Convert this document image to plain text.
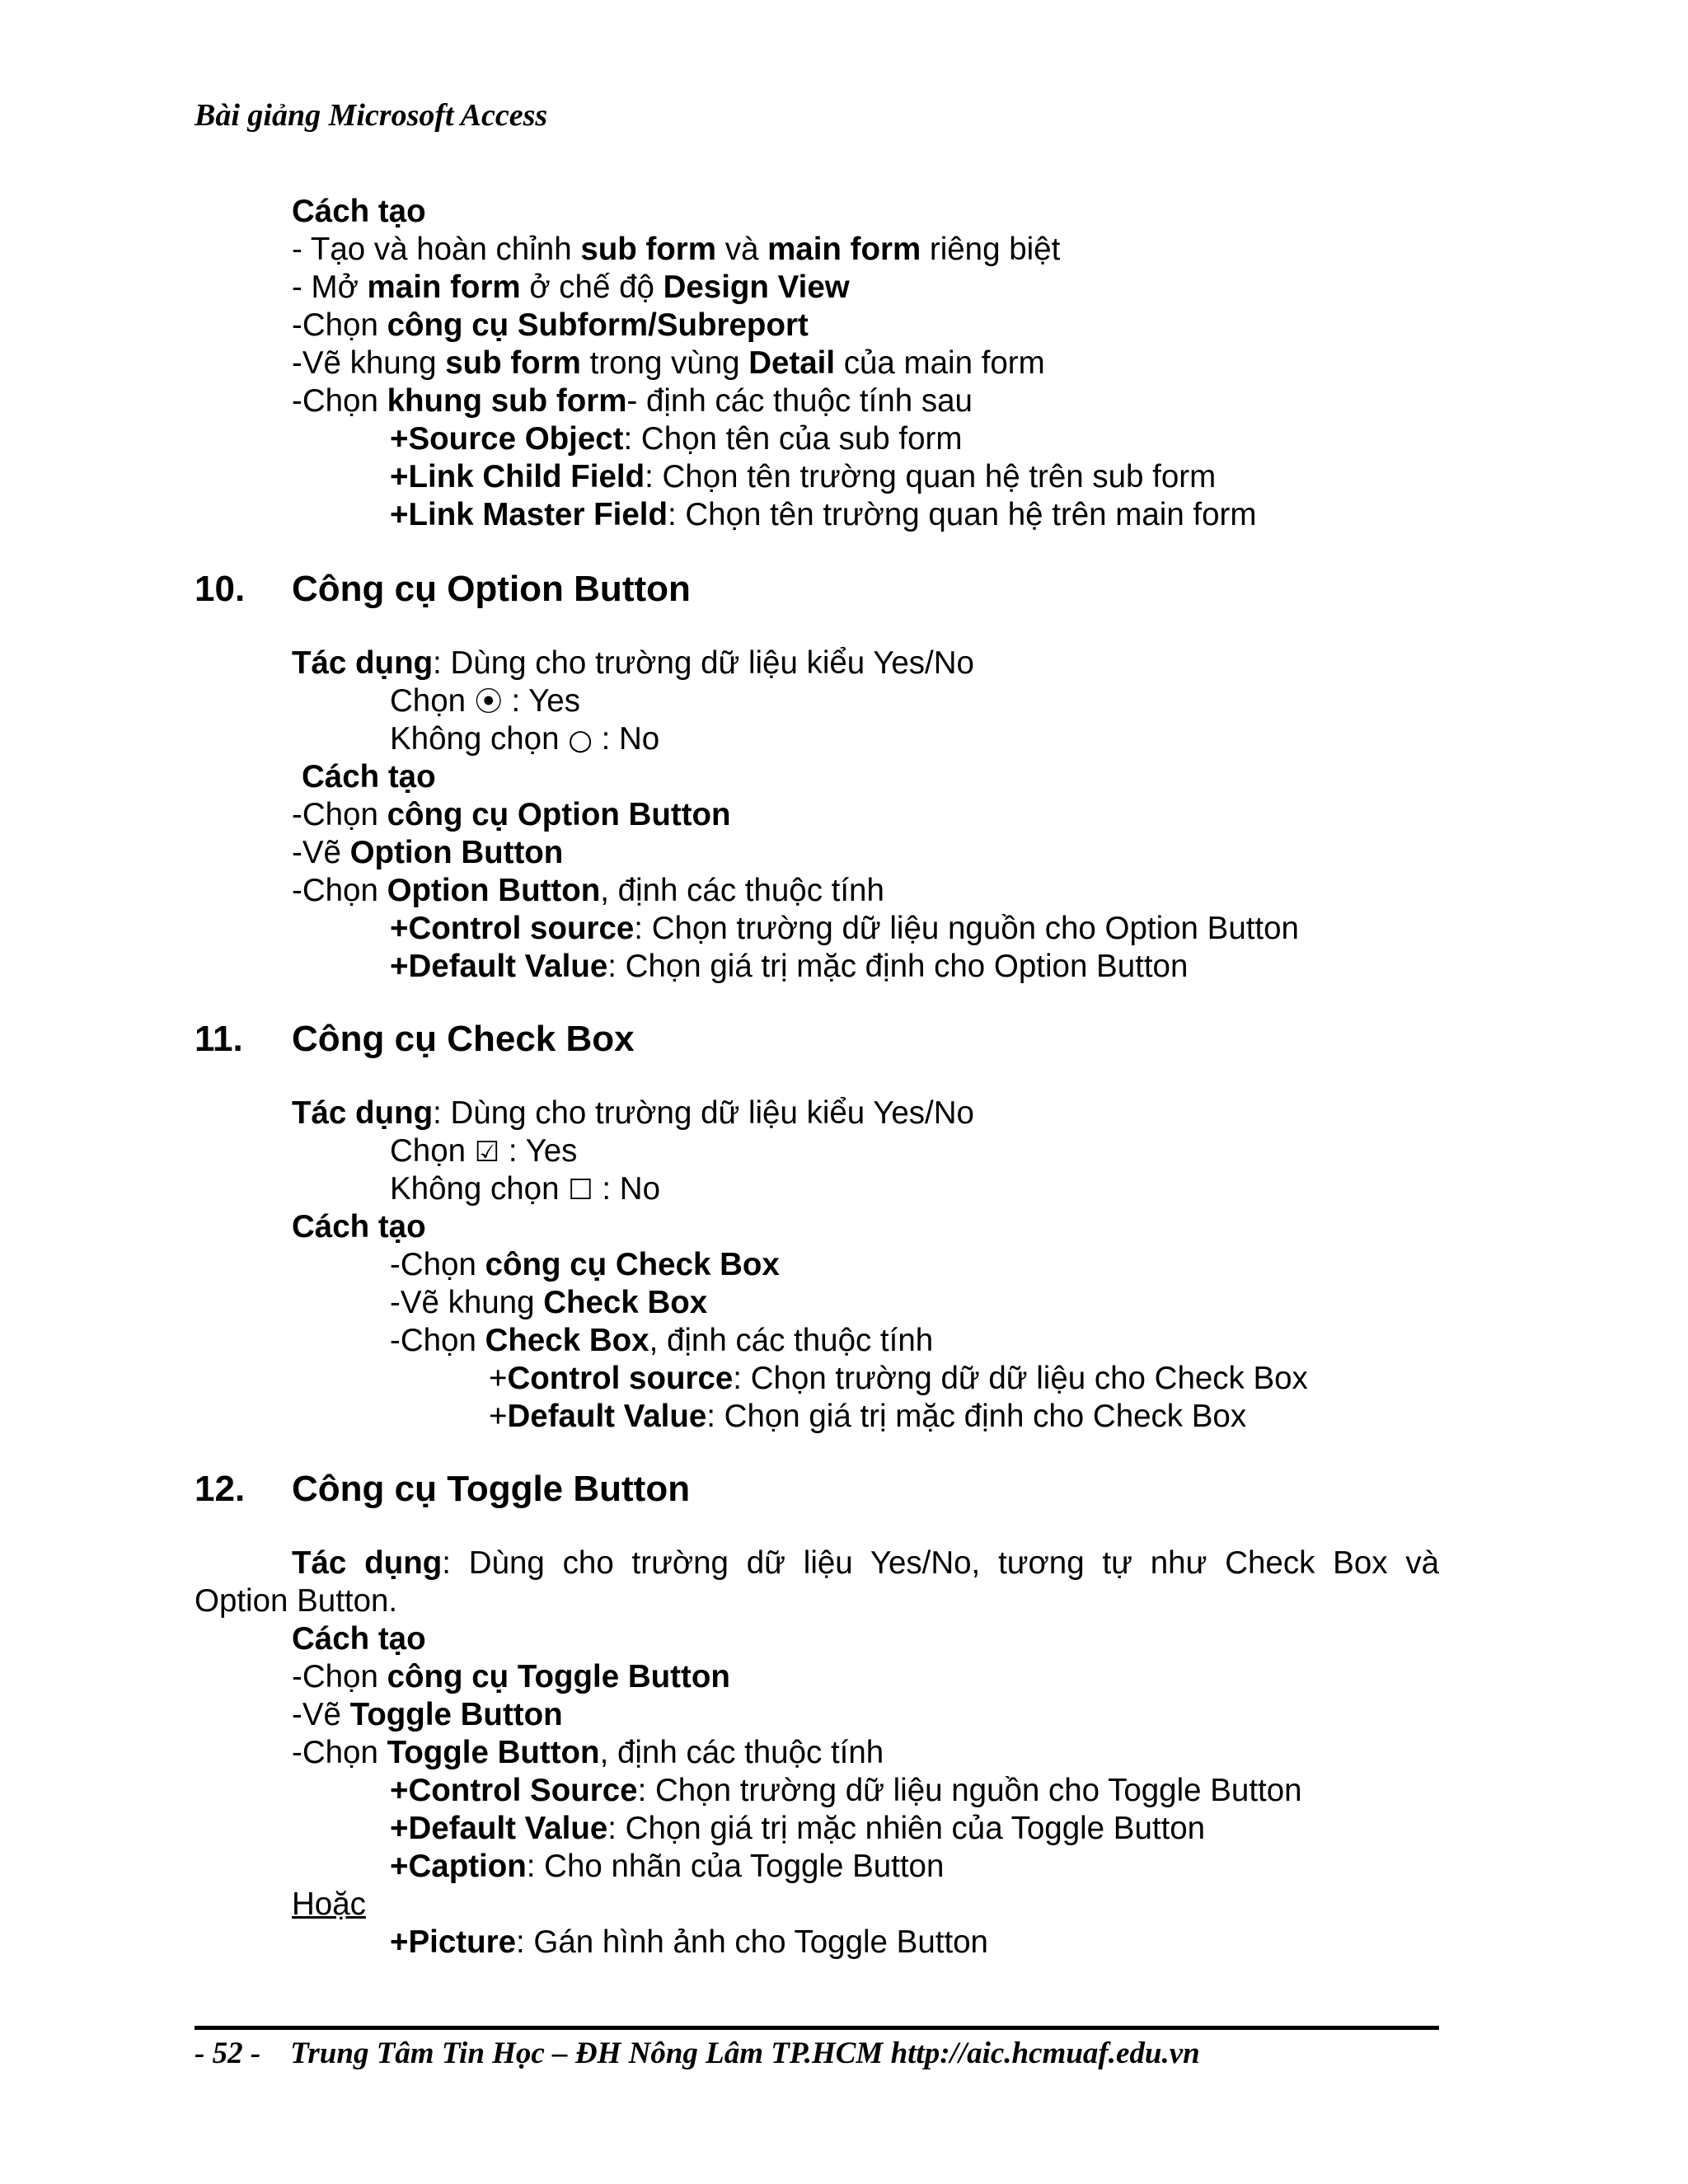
Bài giảng Microsoft Access
Cách tạo
- Tạo và hoàn chỉnh sub form và main form riêng biệt
- Mở main form ở chế độ Design View
-Chọn công cụ Subform/Subreport
-Vẽ khung sub form trong vùng Detail của main form
-Chọn khung sub form- định các thuộc tính sau
+Source Object: Chọn tên của sub form
+Link Child Field: Chọn tên trường quan hệ trên sub form
+Link Master Field: Chọn tên trường quan hệ trên main form
10. Công cụ Option Button
Tác dụng: Dùng cho trường dữ liệu kiểu Yes/No
Chọn ⦿ : Yes
Không chọn ○ : No
Cách tạo
-Chọn công cụ Option Button
-Vẽ Option Button
-Chọn Option Button, định các thuộc tính
+Control source: Chọn trường dữ liệu nguồn cho Option Button
+Default Value: Chọn giá trị mặc định cho Option Button
11. Công cụ Check Box
Tác dụng: Dùng cho trường dữ liệu kiểu Yes/No
Chọn ☑ : Yes
Không chọn ☐ : No
Cách tạo
-Chọn công cụ Check Box
-Vẽ khung Check Box
-Chọn Check Box, định các thuộc tính
+Control source: Chọn trường dữ dữ liệu cho Check Box
+Default Value: Chọn giá trị mặc định cho Check Box
12. Công cụ Toggle Button
Tác dụng: Dùng cho trường dữ liệu Yes/No, tương tự như Check Box và
Option Button.
Cách tạo
-Chọn công cụ Toggle Button
-Vẽ Toggle Button
-Chọn Toggle Button, định các thuộc tính
+Control Source: Chọn trường dữ liệu nguồn cho Toggle Button
+Default Value: Chọn giá trị mặc nhiên của Toggle Button
+Caption: Cho nhãn của Toggle Button
Hoặc
+Picture: Gán hình ảnh cho Toggle Button
- 52 - Trung Tâm Tin Học – ĐH Nông Lâm TP.HCM http://aic.hcmuaf.edu.vn
